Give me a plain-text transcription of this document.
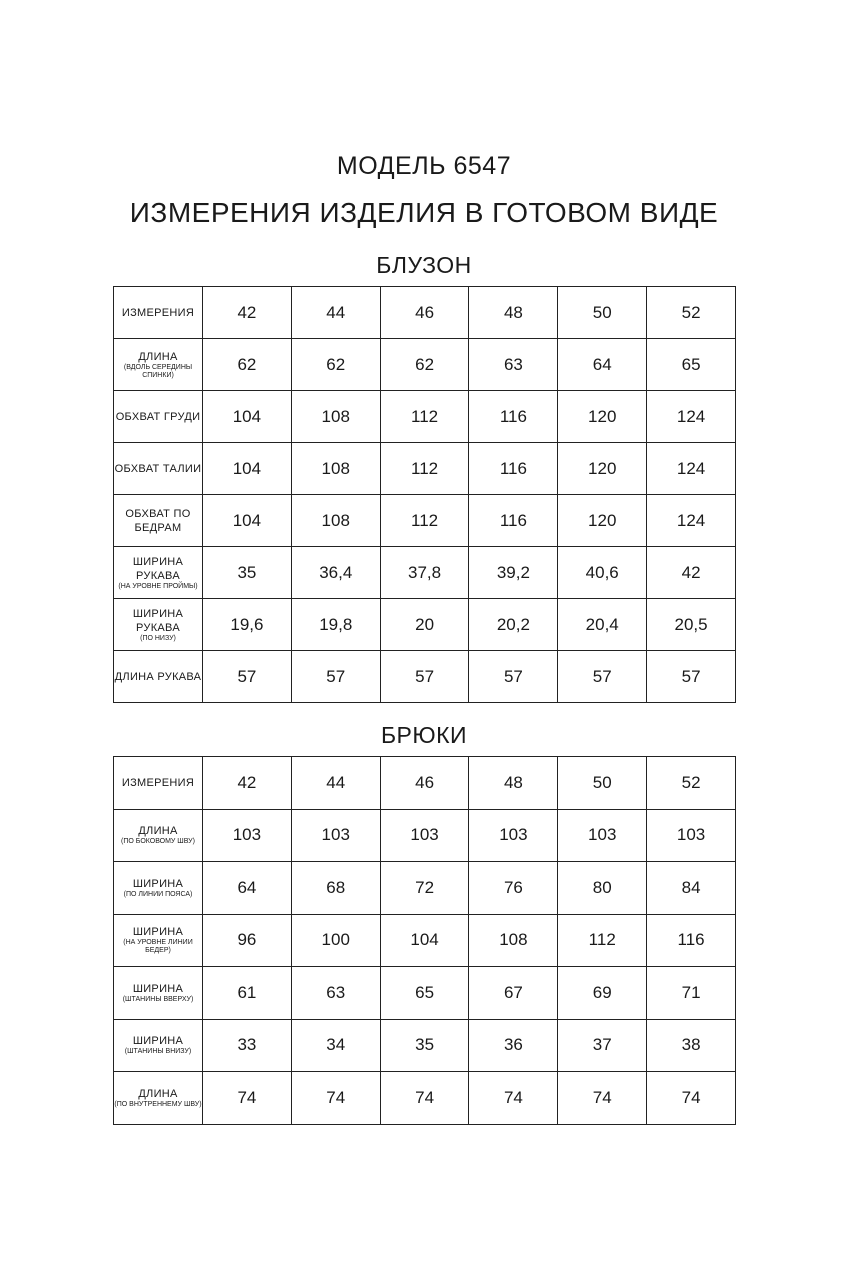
МОДЕЛЬ 6547
ИЗМЕРЕНИЯ ИЗДЕЛИЯ В ГОТОВОМ ВИДЕ
БЛУЗОН
ИЗМЕРЕНИЯ	42	44	46	48	50	52

ДЛИНА
(ВДОЛЬ СЕРЕДИНЫ СПИНКИ)	62	62	62	63	64	65

ОБХВАТ ГРУДИ	104	108	112	116	120	124

ОБХВАТ ТАЛИИ	104	108	112	116	120	124

ОБХВАТ ПО БЕДРАМ	104	108	112	116	120	124

ШИРИНА РУКАВА
(НА УРОВНЕ ПРОЙМЫ)	35	36,4	37,8	39,2	40,6	42

ШИРИНА РУКАВА
(ПО НИЗУ)	19,6	19,8	20	20,2	20,4	20,5

ДЛИНА РУКАВА	57	57	57	57	57	57
БРЮКИ
ИЗМЕРЕНИЯ	42	44	46	48	50	52

ДЛИНА
(ПО БОКОВОМУ ШВУ)	103	103	103	103	103	103

ШИРИНА
(ПО ЛИНИИ ПОЯСА)	64	68	72	76	80	84

ШИРИНА
(НА УРОВНЕ ЛИНИИ БЕДЕР)	96	100	104	108	112	116

ШИРИНА
(ШТАНИНЫ ВВЕРХУ)	61	63	65	67	69	71

ШИРИНА
(ШТАНИНЫ ВНИЗУ)	33	34	35	36	37	38

ДЛИНА
(ПО ВНУТРЕННЕМУ ШВУ)	74	74	74	74	74	74
